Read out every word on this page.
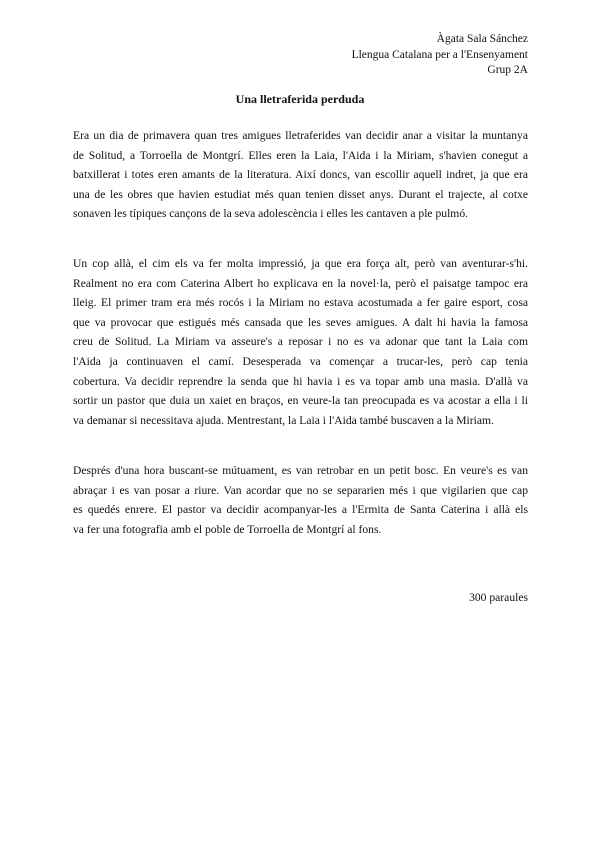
Àgata Sala Sánchez
Llengua Catalana per a l'Ensenyament
Grup 2A
Una lletraferida perduda
Era un dia de primavera quan tres amigues lletraferides van decidir anar a visitar la muntanya
de Solitud, a Torroella de Montgrí. Elles eren la Laia, l'Aida i la Miriam, s'havien conegut a
batxillerat i totes eren amants de la literatura. Així doncs, van escollir aquell indret, ja que era
una de les obres que havien estudiat més quan tenien disset anys. Durant el trajecte, al cotxe
sonaven les típiques cançons de la seva adolescència i elles les cantaven a ple pulmó.
Un cop allà, el cim els va fer molta impressió, ja que era força alt, però van aventurar-s'hi.
Realment no era com Caterina Albert ho explicava en la novel·la, però el paisatge tampoc era
lleig. El primer tram era més rocós i la Miriam no estava acostumada a fer gaire esport, cosa
que va provocar que estigués més cansada que les seves amigues. A dalt hi havia la famosa
creu de Solitud. La Miriam va asseure's a reposar i no es va adonar que tant la Laia com
l'Aida ja continuaven el camí. Desesperada va començar a trucar-les, però cap tenia
cobertura. Va decidir reprendre la senda que hi havia i es va topar amb una masia. D'allà va
sortir un pastor que duia un xaiet en braços, en veure-la tan preocupada es va acostar a ella i li
va demanar si necessitava ajuda. Mentrestant, la Laia i l'Aida també buscaven a la Miriam.
Després d'una hora buscant-se mútuament, es van retrobar en un petit bosc. En veure's es van
abraçar i es van posar a riure. Van acordar que no se separarien més i que vigilarien que cap
es quedés enrere. El pastor va decidir acompanyar-les a l'Ermita de Santa Caterina i allà els
va fer una fotografia amb el poble de Torroella de Montgrí al fons.
300 paraules
